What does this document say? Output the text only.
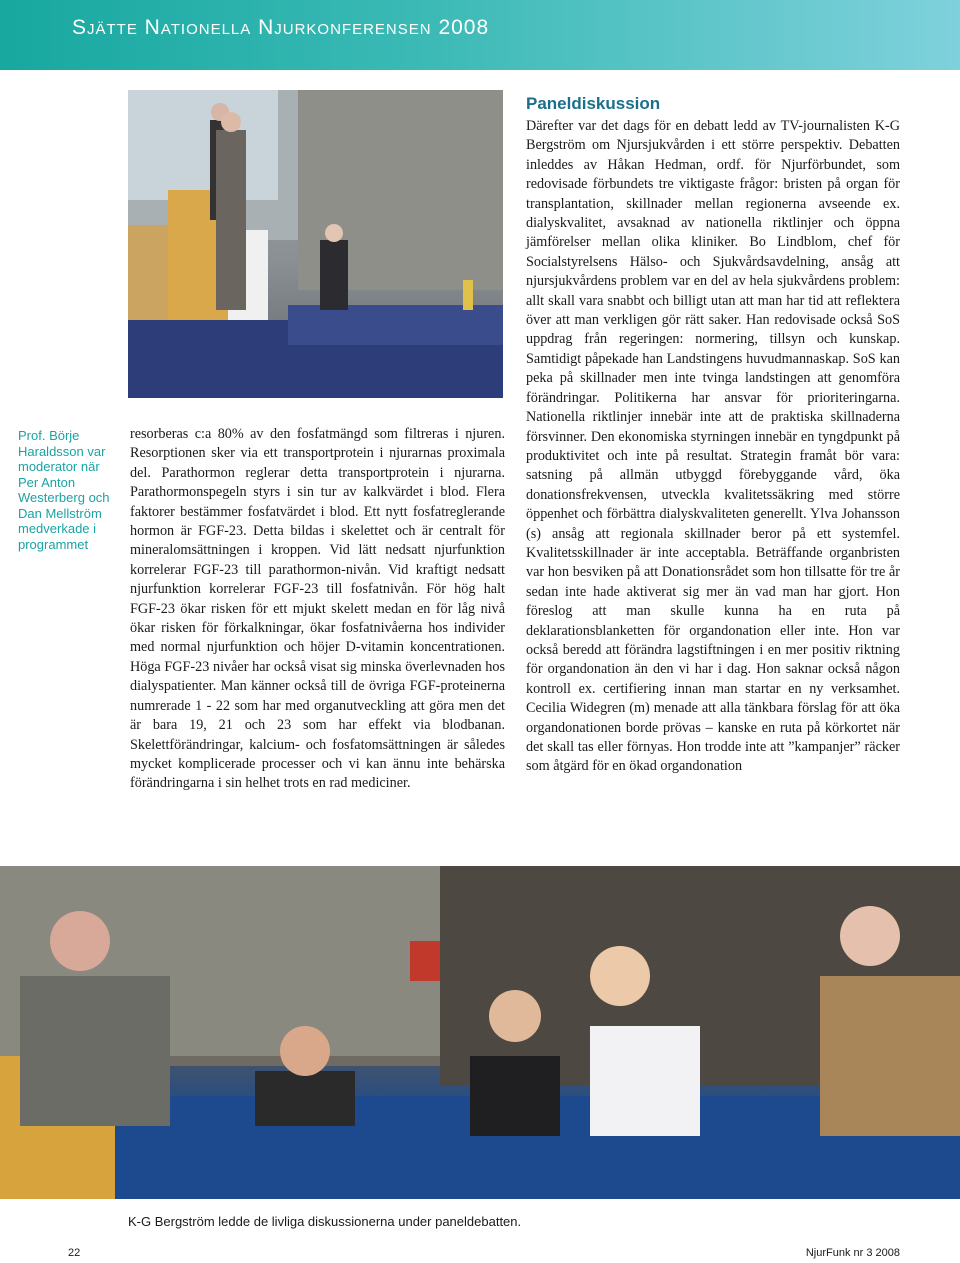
Sjätte Nationella Njurkonferensen 2008
Prof. Börje Haraldsson var moderator när Per Anton Westerberg och Dan Mellström medverkade i programmet

resorberas c:a 80% av den fosfatmängd som filtreras i njuren. Resorptionen sker via ett transportprotein i njurarnas proximala del. Parathormon reglerar detta transportprotein i njurarna. Parathormonspegeln styrs i sin tur av kalkvärdet i blod. Flera faktorer bestämmer fosfatvärdet i blod. Ett nytt fosfatreglerande hormon är FGF-23. Detta bildas i skelettet och är centralt för mineralomsättningen i kroppen. Vid lätt nedsatt njurfunktion korrelerar FGF-23 till parathormon-nivån. Vid kraftigt nedsatt njurfunktion korrelerar FGF-23 till fosfatnivån. För hög halt FGF-23 ökar risken för ett mjukt skelett medan en för låg nivå ökar risken för förkalkningar, ökar fosfatnivåerna hos individer med normal njurfunktion och höjer D-vitamin koncentrationen. Höga FGF-23 nivåer har också visat sig minska överlevnaden hos dialyspatienter. Man känner också till de övriga FGF-proteinerna numrerade 1 - 22 som har med organutveckling att göra men det är bara 19, 21 och 23 som har effekt via blodbanan. Skelettförändringar, kalcium- och fosfatomsättningen är således mycket komplicerade processer och vi kan ännu inte behärska förändringarna i sin helhet trots en rad mediciner.

Paneldiskussion

Därefter var det dags för en debatt ledd av TV-journalisten K-G Bergström om Njursjukvården i ett större perspektiv. Debatten inleddes av Håkan Hedman, ordf. för Njurförbundet, som redovisade förbundets tre viktigaste frågor: bristen på organ för transplantation, skillnader mellan regionerna avseende ex. dialyskvalitet, avsaknad av nationella riktlinjer och öppna jämförelser mellan olika kliniker. Bo Lindblom, chef för Socialstyrelsens Hälso- och Sjukvårdsavdelning, ansåg att njursjukvårdens problem var en del av hela sjukvårdens problem: allt skall vara snabbt och billigt utan att man har tid att reflektera över att man verkligen gör rätt saker. Han redovisade också SoS uppdrag från regeringen: normering, tillsyn och kunskap. Samtidigt påpekade han Landstingens huvudmannaskap. SoS kan peka på skillnader men inte tvinga landstingen att genomföra förändringar. Politikerna har ansvar för prioriteringarna. Nationella riktlinjer innebär inte att de praktiska skillnaderna försvinner. Den ekonomiska styrningen innebär en tyngdpunkt på produktivitet och inte på resultat. Strategin framåt bör vara: satsning på allmän utbyggd förebyggande vård, öka donationsfrekvensen, utveckla kvalitetssäkring med större öppenhet och förbättra dialyskvaliteten generellt. Ylva Johansson (s) ansåg att regionala skillnader beror på ett systemfel. Kvalitetsskillnader är inte acceptabla. Beträffande organbristen var hon besviken på att Donationsrådet som hon tillsatte för tre år sedan inte hade aktiverat sig mer än vad man har gjort. Hon föreslog att man skulle kunna ha en ruta på deklarationsblanketten för organdonation eller inte. Hon var också beredd att förändra lagstiftningen i en mer positiv riktning för organdonation än den vi har i dag. Hon saknar också någon kontroll ex. certifiering innan man startar en ny verksamhet. Cecilia Widegren (m) menade att alla tänkbara förslag för att öka organdonationen borde prövas – kanske en ruta på körkortet när det skall tas eller förnyas. Hon trodde inte att ”kampanjer” räcker som åtgärd för en ökad organdonation

K-G Bergström ledde de livliga diskussionerna under paneldebatten.
22	NjurFunk nr 3 2008
